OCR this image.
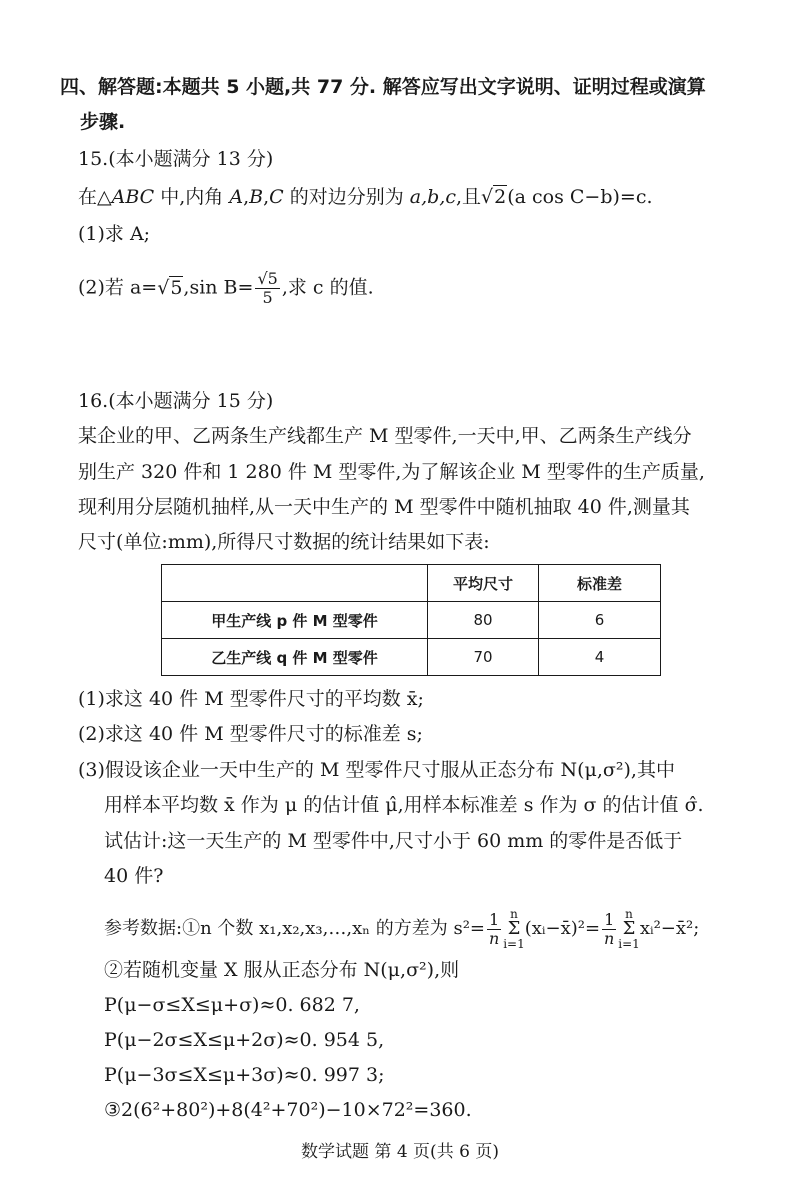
四、解答题:本题共 5 小题,共 77 分. 解答应写出文字说明、证明过程或演算
步骤.
15.(本小题满分 13 分)
在△ABC 中,内角 A,B,C 的对边分别为 a,b,c,且√2(a cos C−b)=c.
(1)求 A;
(2)若 a=√5,sin $B= \frac{√5}{5}$ ,求 c 的值.
16.(本小题满分 15 分)
某企业的甲、乙两条生产线都生产 M 型零件,一天中,甲、乙两条生产线分
别生产 320 件和 1 280 件 M 型零件,为了解该企业 M 型零件的生产质量,
现利用分层随机抽样,从一天中生产的 M 型零件中随机抽取 40 件,测量其
尺寸(单位:mm),所得尺寸数据的统计结果如下表:
	平均尺寸	标准差
甲生产线 p 件 M 型零件	80	6
乙生产线 q 件 M 型零件	70	4
(1)求这 40 件 M 型零件尺寸的平均数 x̄;
(2)求这 40 件 M 型零件尺寸的标准差 s;
(3)假设该企业一天中生产的 M 型零件尺寸服从正态分布 N(μ,σ²),其中
用样本平均数 x̄ 作为 μ 的估计值 μ̂,用样本标准差 s 作为 σ 的估计值 σ̂.
试估计:这一天生产的 M 型零件中,尺寸小于 60 mm 的零件是否低于
40 件?
参考数据:①n 个数 x₁,x₂,x₃,…,xₙ 的方差为 $s^2= \frac{1}{n}$ n
Σ
i=1(xᵢ−x̄)²= $\frac{1}{n}$ n
Σ
i=1xᵢ²−x̄²;
②若随机变量 X 服从正态分布 N(μ,σ²),则
P(μ−σ≤X≤μ+σ)≈0. 682 7,
P(μ−2σ≤X≤μ+2σ)≈0. 954 5,
P(μ−3σ≤X≤μ+3σ)≈0. 997 3;
③2(6²+80²)+8(4²+70²)−10×72²=360.
数学试题 第 4 页(共 6 页)
